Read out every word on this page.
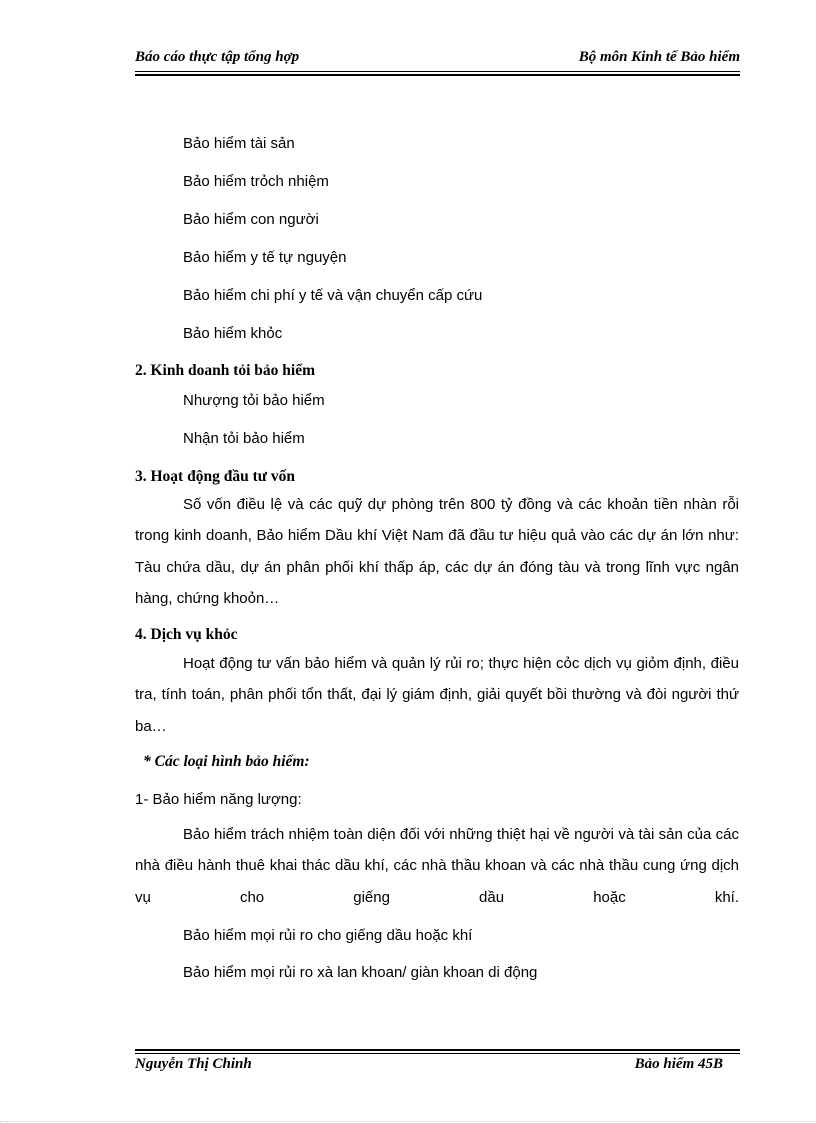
Báo cáo thực tập tổng hợp	Bộ môn Kinh tế Bảo hiểm
Bảo hiểm tài sản
Bảo hiểm trỏch nhiệm
Bảo hiểm con người
Bảo hiểm y tế tự nguyện
Bảo hiểm chi phí y tế và vận chuyển cấp cứu
Bảo hiểm khỏc
2. Kinh doanh tỏi bảo hiểm
Nhượng tỏi bảo hiểm
Nhận tỏi bảo hiểm
3. Hoạt động đầu tư vốn
Số vốn điều lệ và các quỹ dự phòng trên 800 tỷ đồng và các khoản tiền nhàn rỗi trong kinh doanh, Bảo hiểm Dầu khí Việt Nam đã đầu tư hiệu quả vào các dự án lớn như: Tàu chứa dầu, dự án phân phối khí thấp áp, các dự án đóng tàu và trong lĩnh vực ngân hàng, chứng khoỏn…
4. Dịch vụ khỏc
Hoạt động tư vấn bảo hiểm và quản lý rủi ro; thực hiện cỏc dịch vụ giỏm định, điều tra, tính toán, phân phối tổn thất, đại lý giám định, giải quyết bồi thường và đòi người thứ ba…
* Các loại hình bảo hiểm:
1- Bảo hiểm năng lượng:
Bảo hiểm trách nhiệm toàn diện đối với những thiệt hại về người và tài sản của các nhà điều hành thuê khai thác dầu khí, các nhà thầu khoan và các nhà thầu cung ứng dịch vụ cho giếng dầu hoặc khí.
Bảo hiểm mọi rủi ro cho giếng dầu hoặc khí
Bảo hiểm mọi rủi ro xà lan khoan/ giàn khoan di động
Nguyễn Thị Chinh	Bảo hiểm 45B
